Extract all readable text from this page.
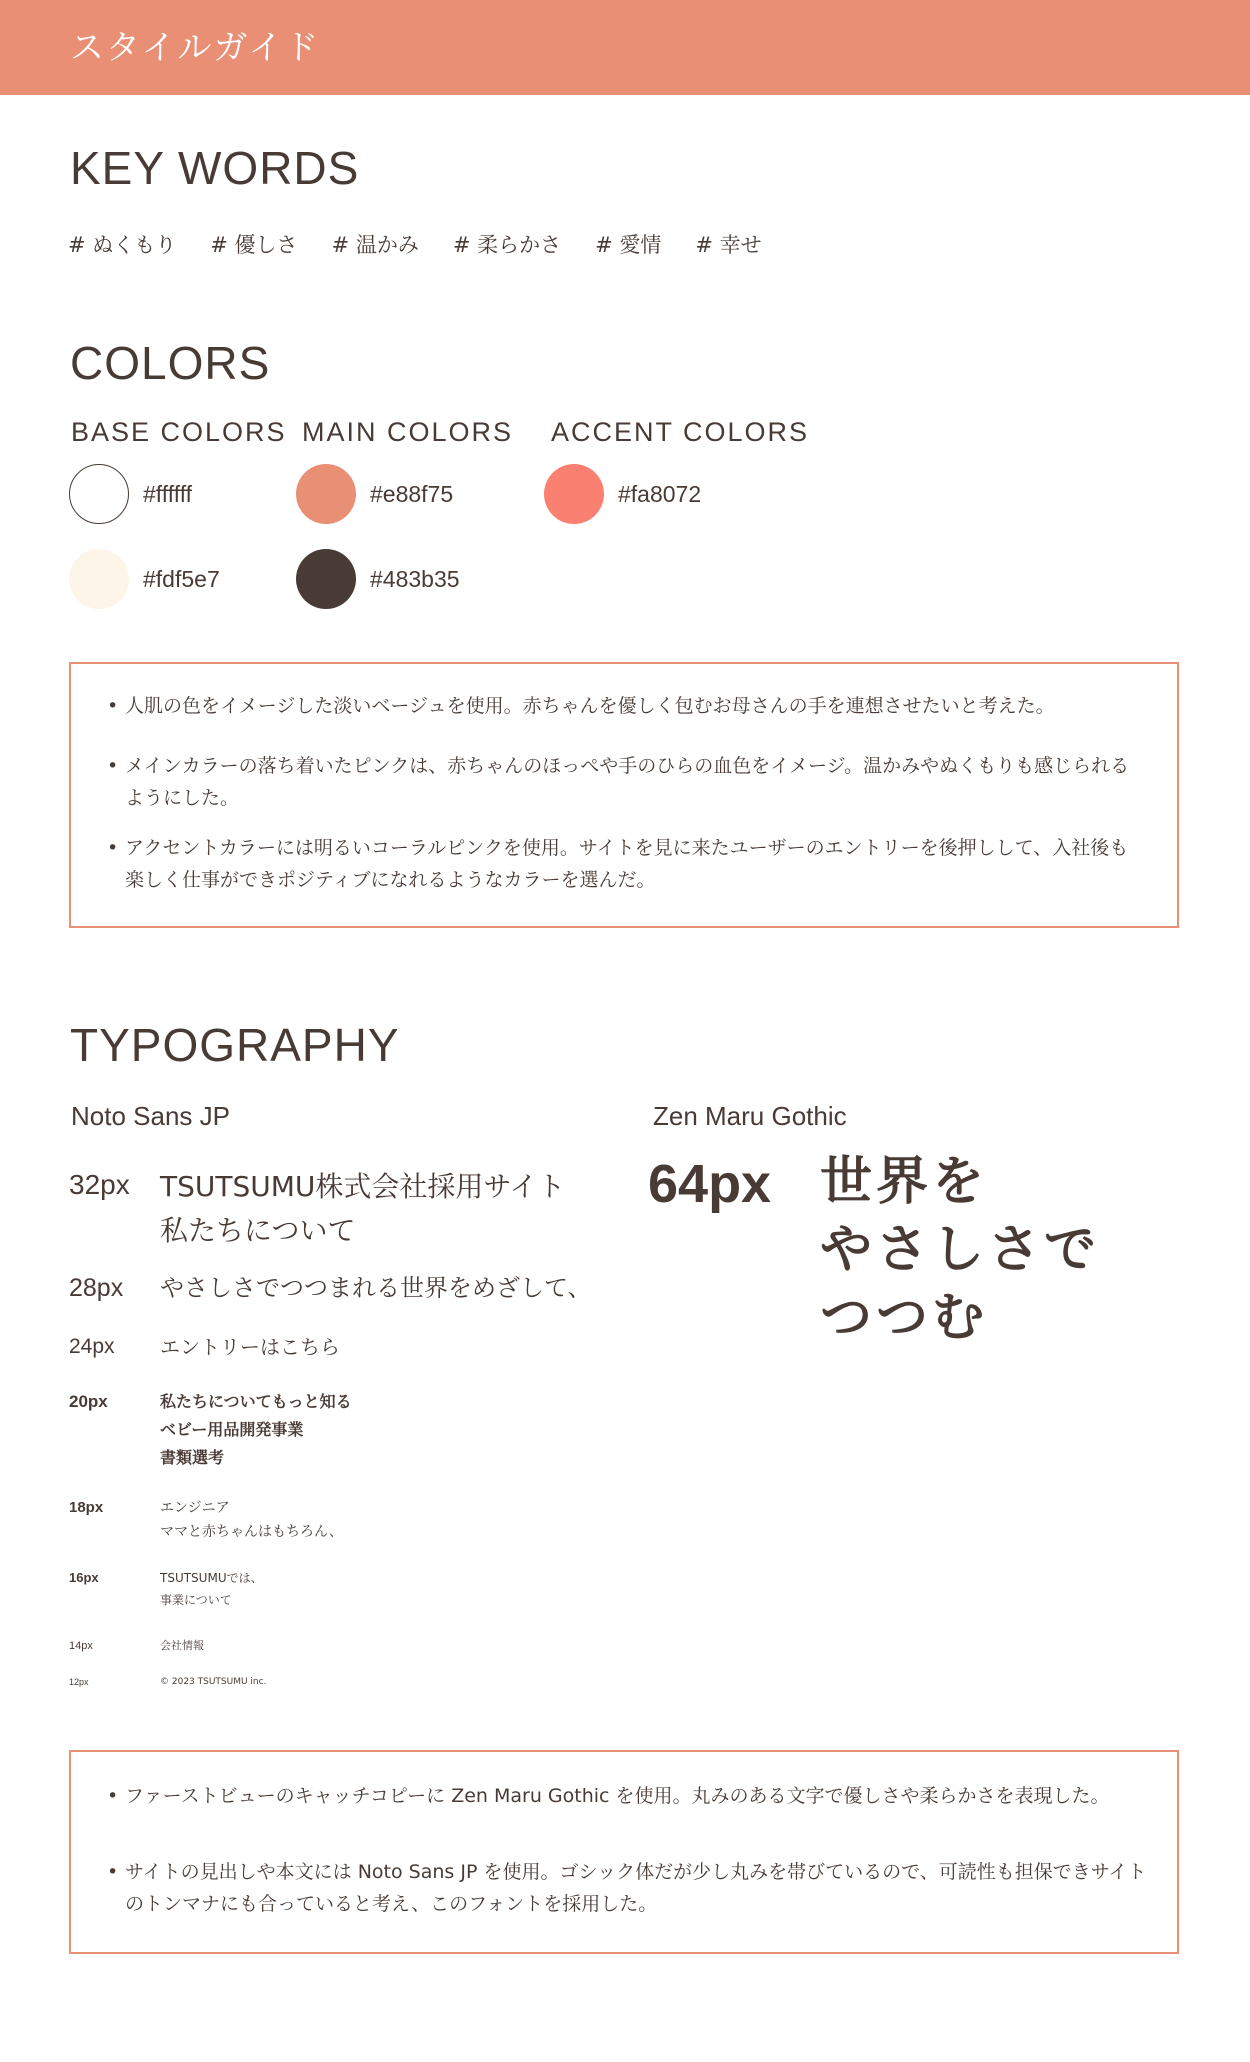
スタイルガイド
KEY WORDS
# ぬくもり # 優しさ # 温かみ # 柔らかさ # 愛情 # 幸せ
COLORS
BASE COLORS MAIN COLORS ACCENT COLORS
#ffffff
#fdf5e7
#e88f75
#483b35
#fa8072
• 人肌の色をイメージした淡いベージュを使用。赤ちゃんを優しく包むお母さんの手を連想させたいと考えた。
• メインカラーの落ち着いたピンクは、赤ちゃんのほっぺや手のひらの血色をイメージ。温かみやぬくもりも感じられるようにした。
• アクセントカラーには明るいコーラルピンクを使用。サイトを見に来たユーザーのエントリーを後押しして、入社後も楽しく仕事ができポジティブになれるようなカラーを選んだ。
TYPOGRAPHY
Noto Sans JP	Zen Maru Gothic
32px TSUTSUMU株式会社採用サイト
私たちについて
28px やさしさでつつまれる世界をめざして、
24px エントリーはこちら
20px	私たちについてもっと知る
ベビー用品開発事業
書類選考
18px	エンジニア
ママと赤ちゃんはもちろん、
16px	TSUTSUMUでは、
事業について
14px	会社情報
12px	© 2023 TSUTSUMU inc.
64px 世界を
やさしさで
つつむ
• ファーストビューのキャッチコピーに Zen Maru Gothic を使用。丸みのある文字で優しさや柔らかさを表現した。
• サイトの見出しや本文には Noto Sans JP を使用。ゴシック体だが少し丸みを帯びているので、可読性も担保できサイトのトンマナにも合っていると考え、このフォントを採用した。
